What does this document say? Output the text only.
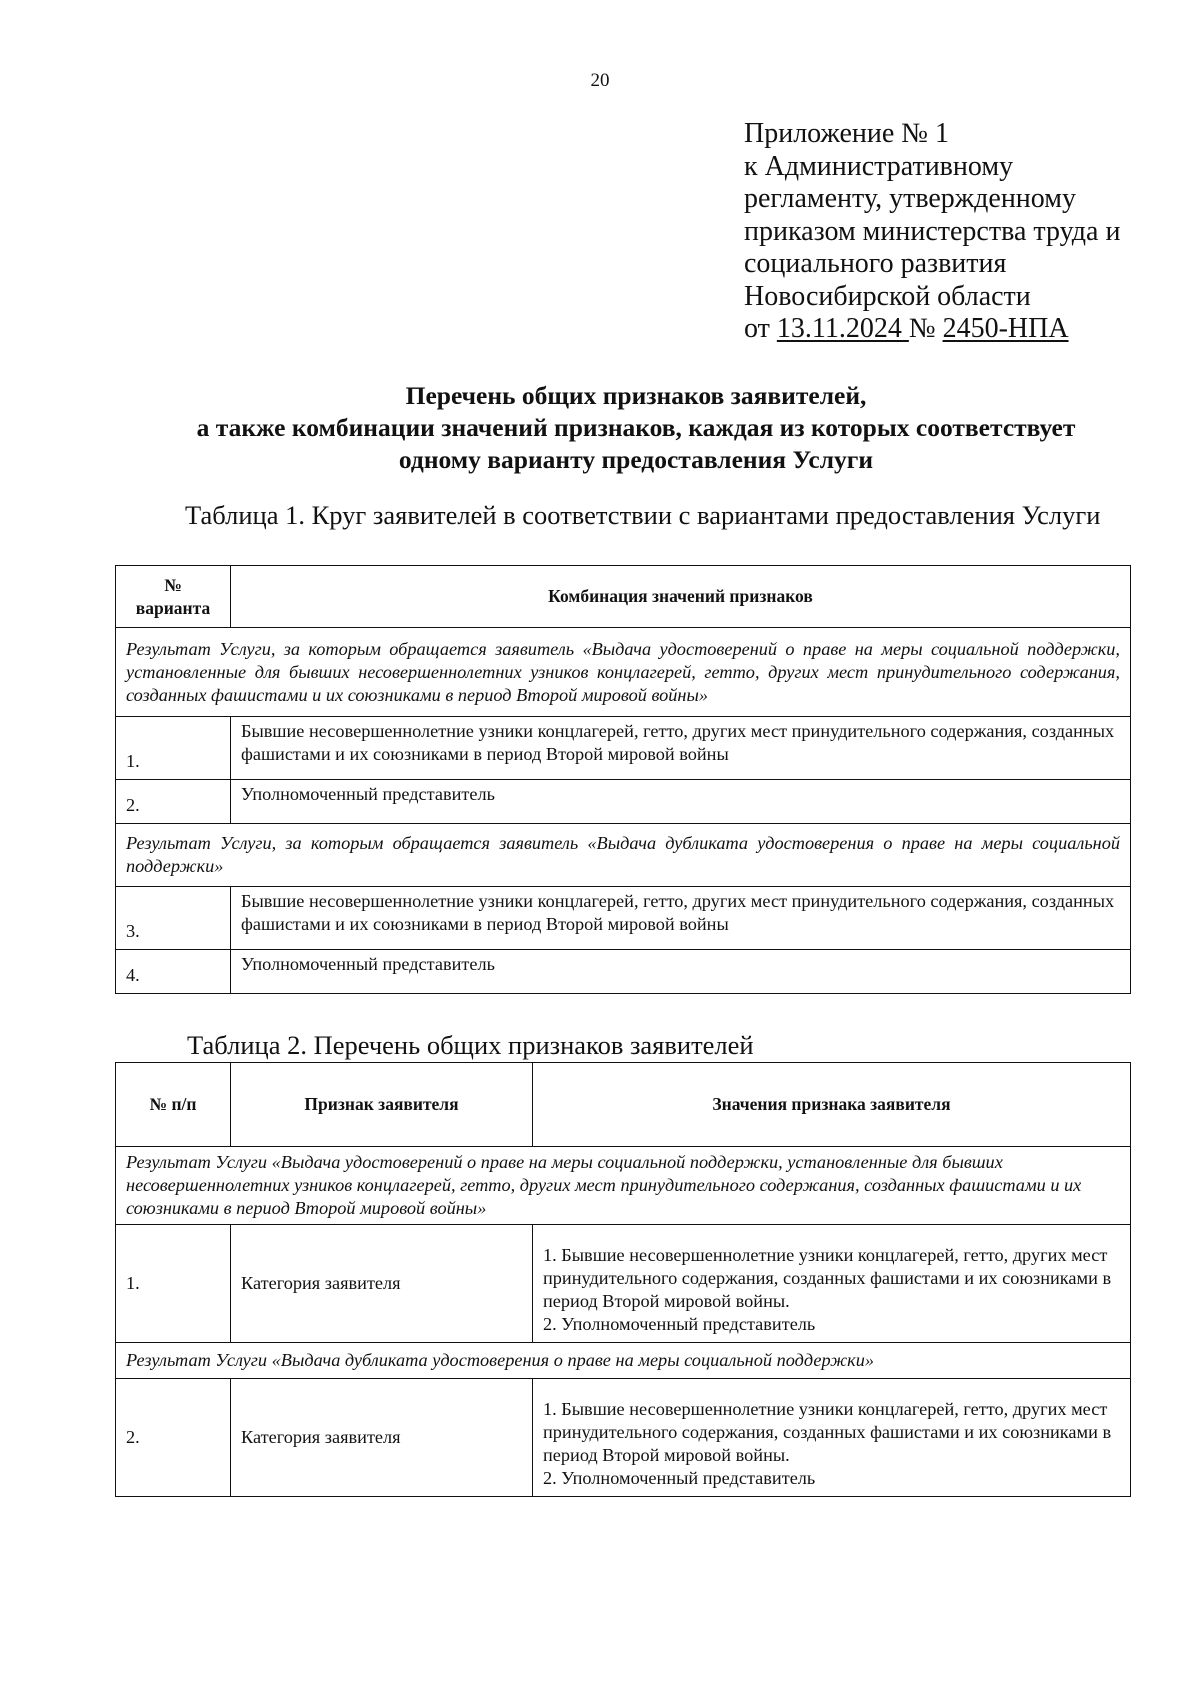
20
Приложение № 1
к Административному
регламенту, утвержденному
приказом министерства труда и
социального развития
Новосибирской области
от 13.11.2024 № 2450-НПА
Перечень общих признаков заявителей,
а также комбинации значений признаков, каждая из которых соответствует
одному варианту предоставления Услуги
Таблица 1. Круг заявителей в соответствии с вариантами предоставления Услуги
№
варианта	Комбинация значений признаков
Результат Услуги, за которым обращается заявитель «Выдача удостоверений о праве на меры социальной поддержки, установленные для бывших несовершеннолетних узников концлагерей, гетто, других мест принудительного содержания, созданных фашистами и их союзниками в период Второй мировой войны»	
1.	Бывшие несовершеннолетние узники концлагерей, гетто, других мест принудительного содержания, созданных фашистами и их союзниками в период Второй мировой войны
2.	Уполномоченный представитель
Результат Услуги, за которым обращается заявитель «Выдача дубликата удостоверения о праве на меры социальной поддержки»	
3.	Бывшие несовершеннолетние узники концлагерей, гетто, других мест принудительного содержания, созданных фашистами и их союзниками в период Второй мировой войны
4.	Уполномоченный представитель
Таблица 2. Перечень общих признаков заявителей
№ п/п	Признак заявителя	Значения признака заявителя
Результат Услуги «Выдача удостоверений о праве на меры социальной поддержки, установленные для бывших несовершеннолетних узников концлагерей, гетто, других мест принудительного содержания, созданных фашистами и их союзниками в период Второй мировой войны»		
1.	Категория заявителя	1. Бывшие несовершеннолетние узники концлагерей, гетто, других мест принудительного содержания, созданных фашистами и их союзниками в период Второй мировой войны.
2. Уполномоченный представитель

Результат Услуги «Выдача дубликата удостоверения о праве на меры социальной поддержки»		
2.	Категория заявителя	1. Бывшие несовершеннолетние узники концлагерей, гетто, других мест принудительного содержания, созданных фашистами и их союзниками в период Второй мировой войны.
2. Уполномоченный представитель
